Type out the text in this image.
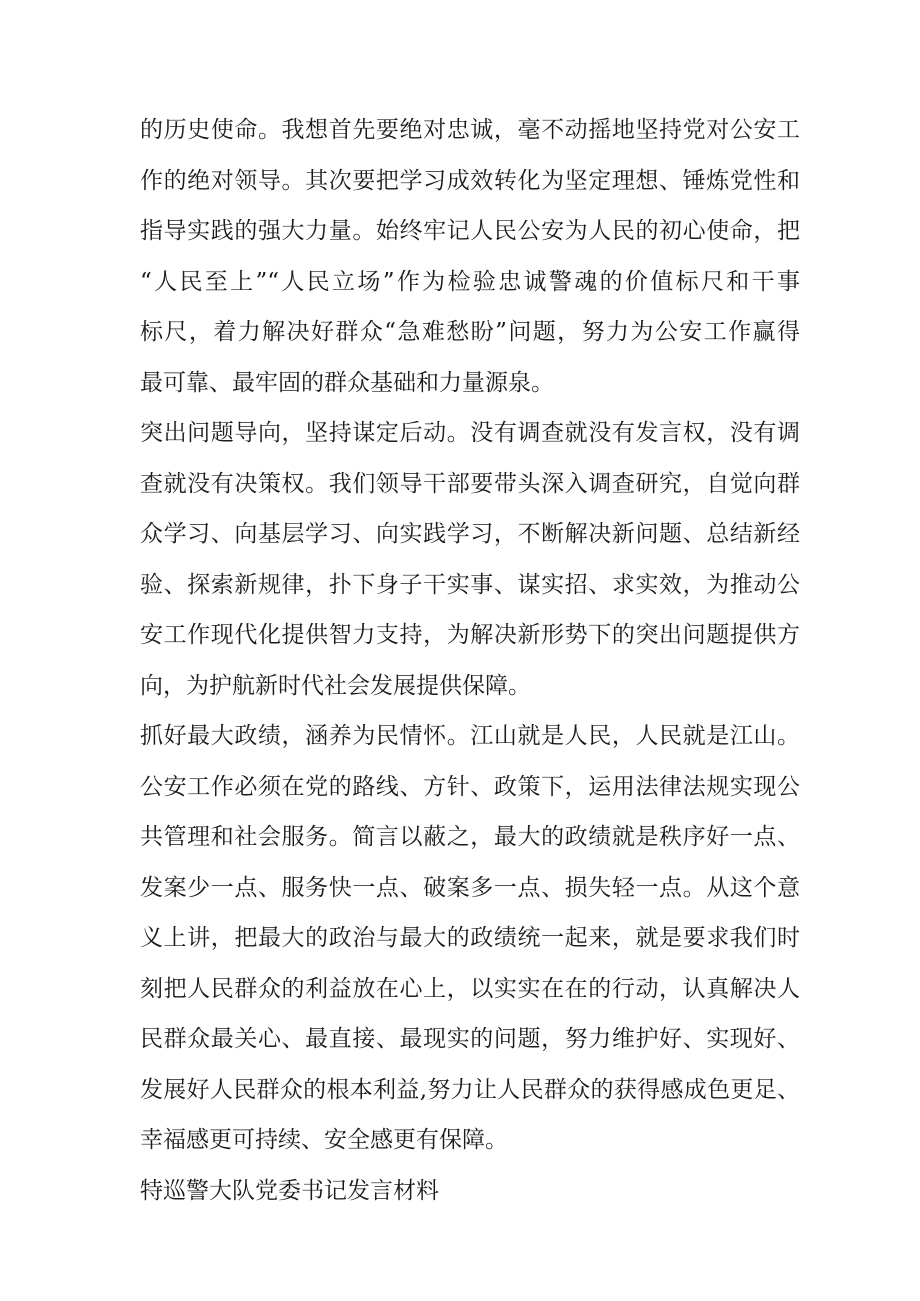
的历史使命。我想首先要绝对忠诚，毫不动摇地坚持党对公安工
作的绝对领导。其次要把学习成效转化为坚定理想、锤炼党性和
指导实践的强大力量。始终牢记人民公安为人民的初心使命，把
“人民至上”“人民立场”作为检验忠诚警魂的价值标尺和干事
标尺，着力解决好群众“急难愁盼”问题，努力为公安工作赢得
最可靠、最牢固的群众基础和力量源泉。
突出问题导向，坚持谋定后动。没有调查就没有发言权，没有调
查就没有决策权。我们领导干部要带头深入调查研究，自觉向群
众学习、向基层学习、向实践学习，不断解决新问题、总结新经
验、探索新规律，扑下身子干实事、谋实招、求实效，为推动公
安工作现代化提供智力支持，为解决新形势下的突出问题提供方
向，为护航新时代社会发展提供保障。
抓好最大政绩，涵养为民情怀。江山就是人民，人民就是江山。
公安工作必须在党的路线、方针、政策下，运用法律法规实现公
共管理和社会服务。简言以蔽之，最大的政绩就是秩序好一点、
发案少一点、服务快一点、破案多一点、损失轻一点。从这个意
义上讲，把最大的政治与最大的政绩统一起来，就是要求我们时
刻把人民群众的利益放在心上，以实实在在的行动，认真解决人
民群众最关心、最直接、最现实的问题，努力维护好、实现好、
发展好人民群众的根本利益,努力让人民群众的获得感成色更足、
幸福感更可持续、安全感更有保障。
特巡警大队党委书记发言材料
